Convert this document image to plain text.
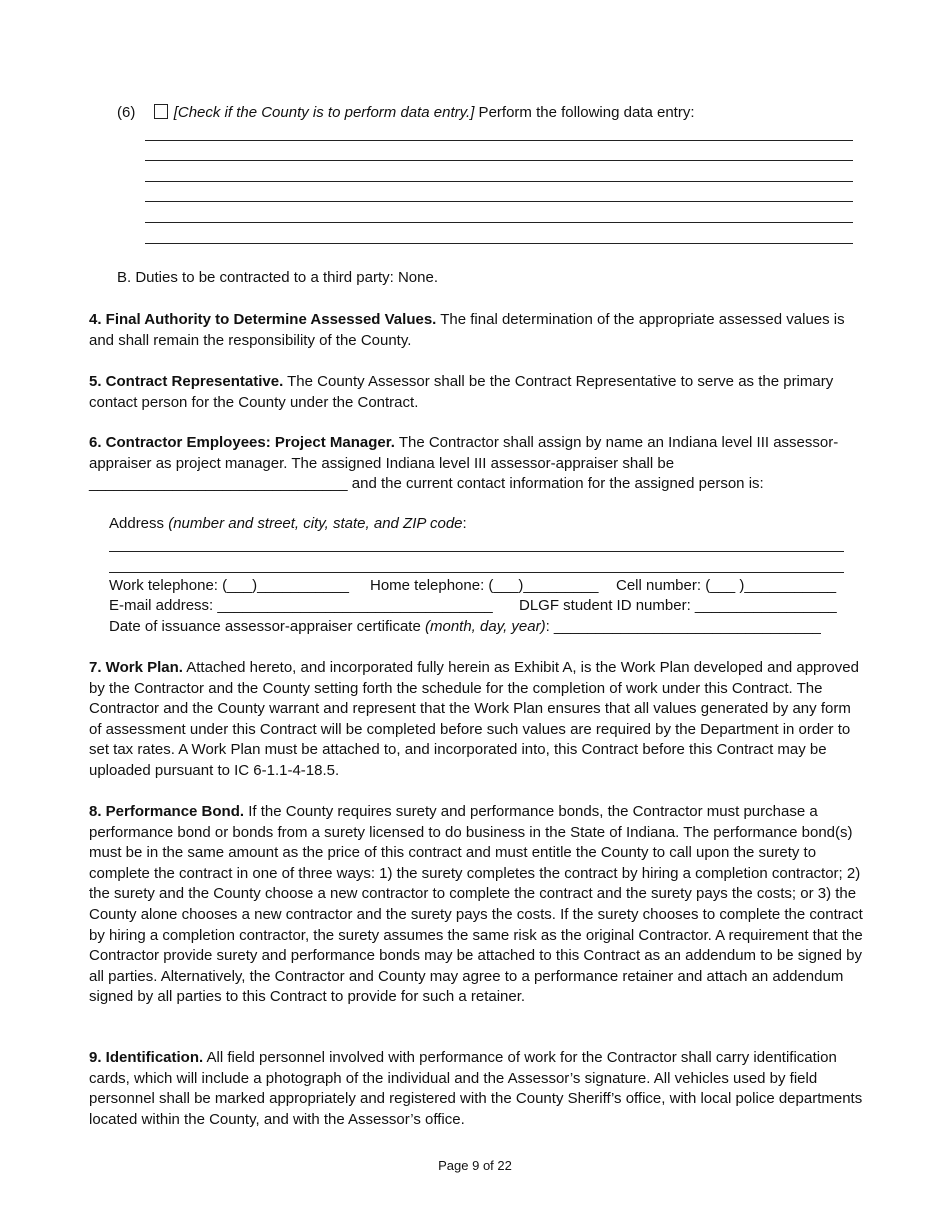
(6)	[Check if the County is to perform data entry.] Perform the following data entry:
B. Duties to be contracted to a third party: None.
4. Final Authority to Determine Assessed Values. The final determination of the appropriate assessed values is and shall remain the responsibility of the County.
5. Contract Representative. The County Assessor shall be the Contract Representative to serve as the primary contact person for the County under the Contract.
6. Contractor Employees: Project Manager. The Contractor shall assign by name an Indiana level III assessor-appraiser as project manager. The assigned Indiana level III assessor-appraiser shall be _______________________________ and the current contact information for the assigned person is:
Address (number and street, city, state, and ZIP code:
Work telephone: (___)___________ Home telephone: (___)_________ Cell number: (___ )___________
E-mail address: _________________________________ DLGF student ID number: _________________
Date of issuance assessor-appraiser certificate (month, day, year): ________________________________
7. Work Plan. Attached hereto, and incorporated fully herein as Exhibit A, is the Work Plan developed and approved by the Contractor and the County setting forth the schedule for the completion of work under this Contract. The Contractor and the County warrant and represent that the Work Plan ensures that all values generated by any form of assessment under this Contract will be completed before such values are required by the Department in order to set tax rates. A Work Plan must be attached to, and incorporated into, this Contract before this Contract may be uploaded pursuant to IC 6-1.1-4-18.5.
8. Performance Bond. If the County requires surety and performance bonds, the Contractor must purchase a performance bond or bonds from a surety licensed to do business in the State of Indiana. The performance bond(s) must be in the same amount as the price of this contract and must entitle the County to call upon the surety to complete the contract in one of three ways: 1) the surety completes the contract by hiring a completion contractor; 2) the surety and the County choose a new contractor to complete the contract and the surety pays the costs; or 3) the County alone chooses a new contractor and the surety pays the costs. If the surety chooses to complete the contract by hiring a completion contractor, the surety assumes the same risk as the original Contractor. A requirement that the Contractor provide surety and performance bonds may be attached to this Contract as an addendum to be signed by all parties. Alternatively, the Contractor and County may agree to a performance retainer and attach an addendum signed by all parties to this Contract to provide for such a retainer.
9. Identification. All field personnel involved with performance of work for the Contractor shall carry identification cards, which will include a photograph of the individual and the Assessor’s signature. All vehicles used by field personnel shall be marked appropriately and registered with the County Sheriff’s office, with local police departments located within the County, and with the Assessor’s office.
Page 9 of 22
